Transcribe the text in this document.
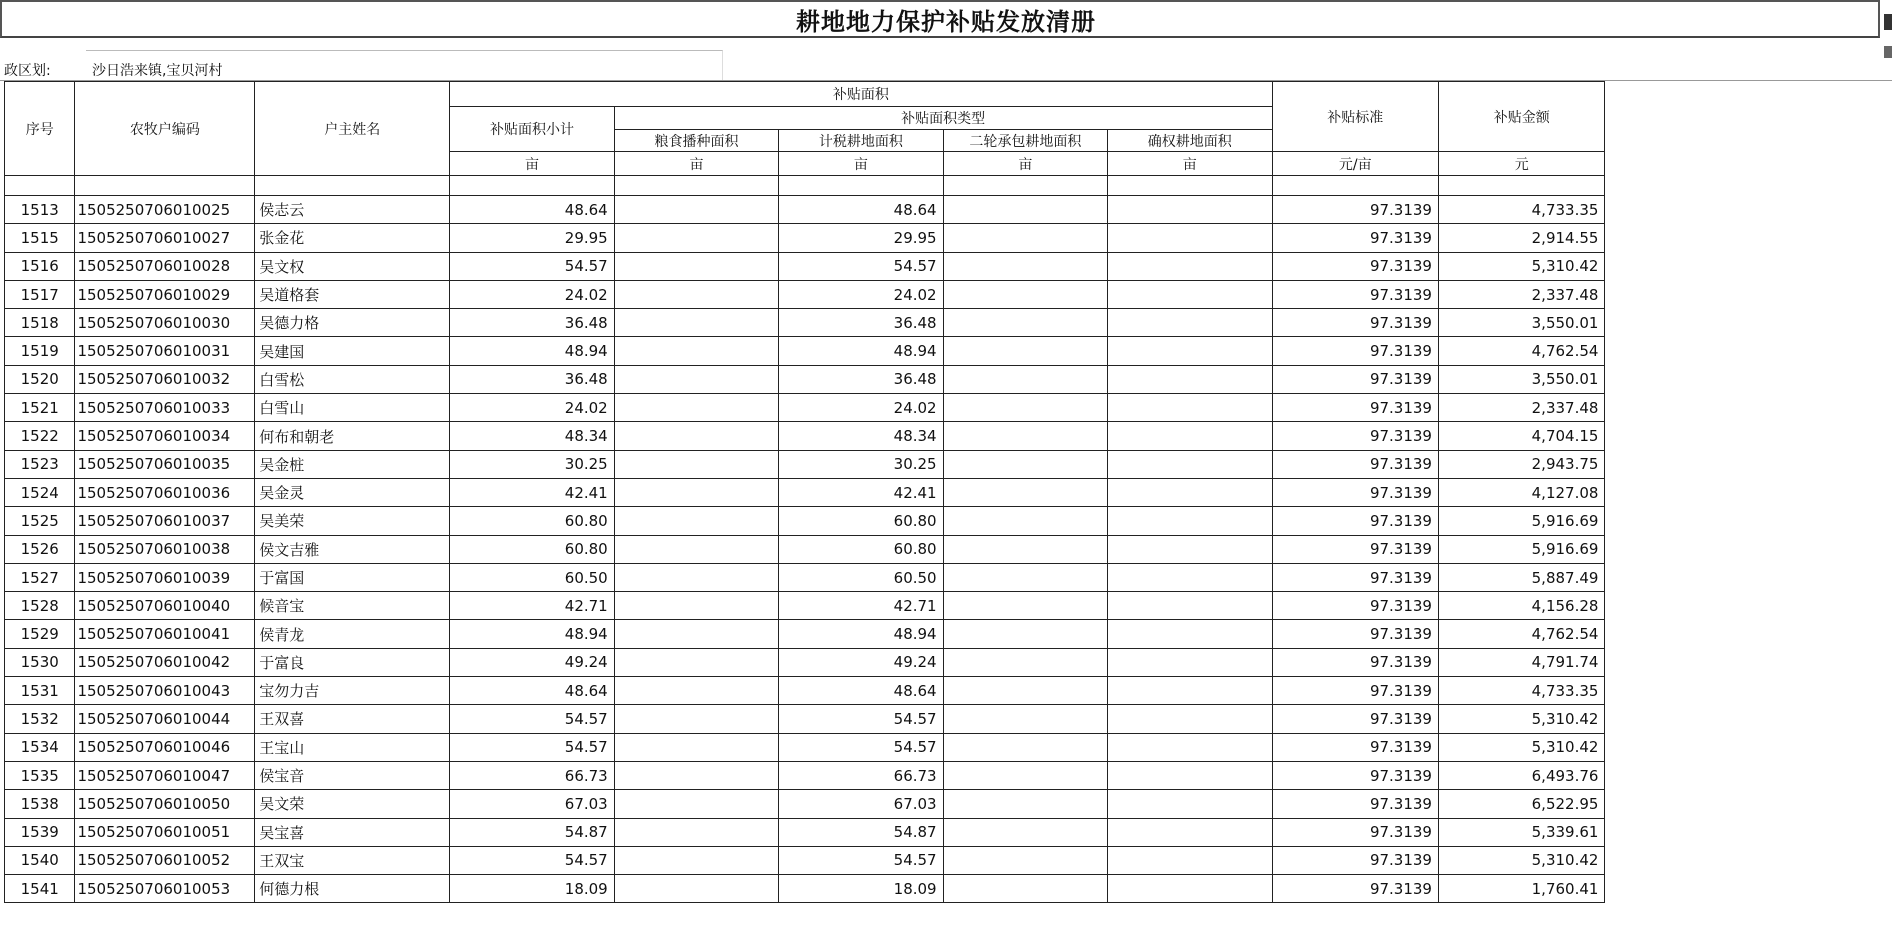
耕地地力保护补贴发放清册
政区划:	沙日浩来镇,宝贝河村
序号	农牧户编码	户主姓名	补贴面积					补贴标准	补贴金额	
			补贴面积小计	补贴面积类型						
				粮食播种面积	计税耕地面积	二轮承包耕地面积	确权耕地面积			
			亩	亩	亩	亩	亩	元/亩	元	

1513	1505250706010025	侯志云	48.64		48.64			97.3139	4,733.35	
1515	1505250706010027	张金花	29.95		29.95			97.3139	2,914.55	
1516	1505250706010028	吴文权	54.57		54.57			97.3139	5,310.42	
1517	1505250706010029	吴道格套	24.02		24.02			97.3139	2,337.48	
1518	1505250706010030	吴德力格	36.48		36.48			97.3139	3,550.01	
1519	1505250706010031	吴建国	48.94		48.94			97.3139	4,762.54	
1520	1505250706010032	白雪松	36.48		36.48			97.3139	3,550.01	
1521	1505250706010033	白雪山	24.02		24.02			97.3139	2,337.48	
1522	1505250706010034	何布和朝老	48.34		48.34			97.3139	4,704.15	
1523	1505250706010035	吴金桩	30.25		30.25			97.3139	2,943.75	
1524	1505250706010036	吴金灵	42.41		42.41			97.3139	4,127.08	
1525	1505250706010037	吴美荣	60.80		60.80			97.3139	5,916.69	
1526	1505250706010038	侯文吉雅	60.80		60.80			97.3139	5,916.69	
1527	1505250706010039	于富国	60.50		60.50			97.3139	5,887.49	
1528	1505250706010040	候音宝	42.71		42.71			97.3139	4,156.28	
1529	1505250706010041	侯青龙	48.94		48.94			97.3139	4,762.54	
1530	1505250706010042	于富良	49.24		49.24			97.3139	4,791.74	
1531	1505250706010043	宝勿力吉	48.64		48.64			97.3139	4,733.35	
1532	1505250706010044	王双喜	54.57		54.57			97.3139	5,310.42	
1534	1505250706010046	王宝山	54.57		54.57			97.3139	5,310.42	
1535	1505250706010047	侯宝音	66.73		66.73			97.3139	6,493.76	
1538	1505250706010050	吴文荣	67.03		67.03			97.3139	6,522.95	
1539	1505250706010051	吴宝喜	54.87		54.87			97.3139	5,339.61	
1540	1505250706010052	王双宝	54.57		54.57			97.3139	5,310.42	
1541	1505250706010053	何德力根	18.09		18.09			97.3139	1,760.41	
